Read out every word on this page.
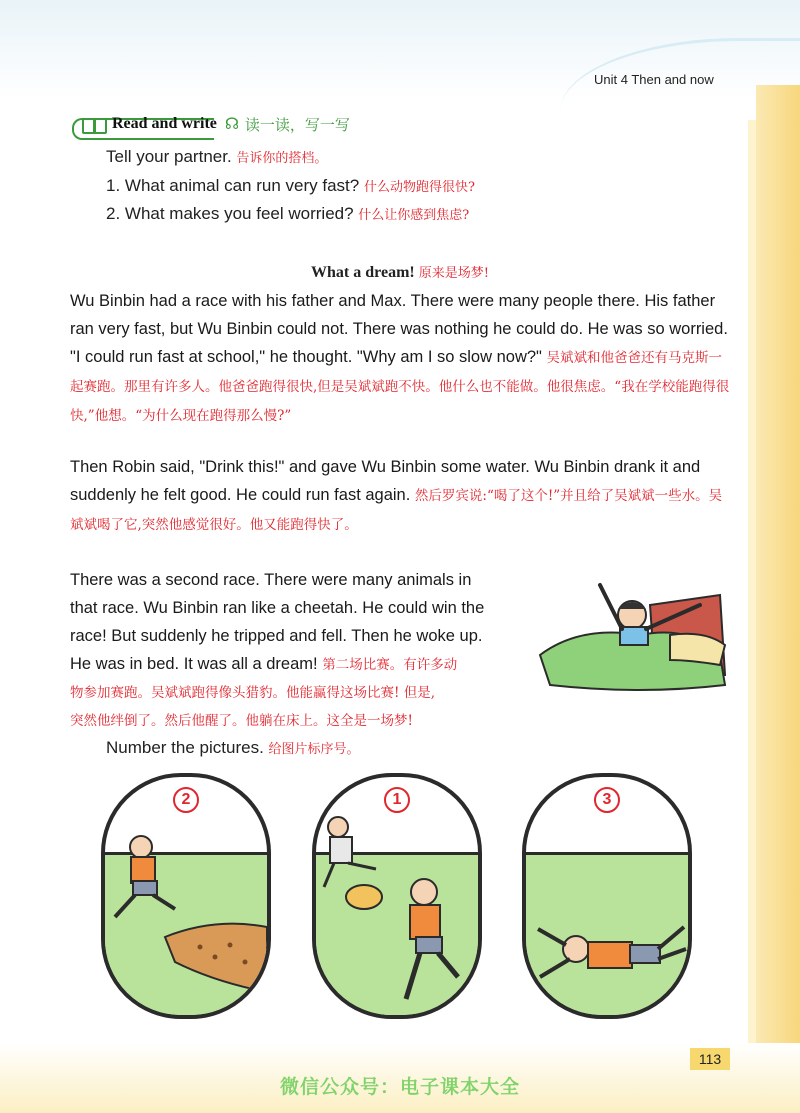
Unit 4 Then and now
Read and write ☊ 读一读，写一写
Tell your partner. 告诉你的搭档。
1. What animal can run very fast? 什么动物跑得很快?
2. What makes you feel worried? 什么让你感到焦虑?
What a dream! 原来是场梦!
Wu Binbin had a race with his father and Max. There were many people there. His father ran very fast, but Wu Binbin could not. There was nothing he could do. He was so worried. "I could run fast at school," he thought. "Why am I so slow now?" 吴斌斌和他爸爸还有马克斯一起赛跑。那里有许多人。他爸爸跑得很快,但是吴斌斌跑不快。他什么也不能做。他很焦虑。“我在学校能跑得很快,”他想。“为什么现在跑得那么慢?”
Then Robin said, "Drink this!" and gave Wu Binbin some water. Wu Binbin drank it and suddenly he felt good. He could run fast again. 然后罗宾说:“喝了这个!”并且给了吴斌斌一些水。吴斌斌喝了它,突然他感觉很好。他又能跑得快了。
There was a second race. There were many animals in
that race. Wu Binbin ran like a cheetah. He could win the
race! But suddenly he tripped and fell. Then he woke up.
He was in bed. It was all a dream! 第二场比赛。有许多动
物参加赛跑。吴斌斌跑得像头猎豹。他能赢得这场比赛! 但是,
突然他绊倒了。然后他醒了。他躺在床上。这全是一场梦!
Number the pictures. 给图片标序号。
2	1	3
113
微信公众号：电子课本大全
